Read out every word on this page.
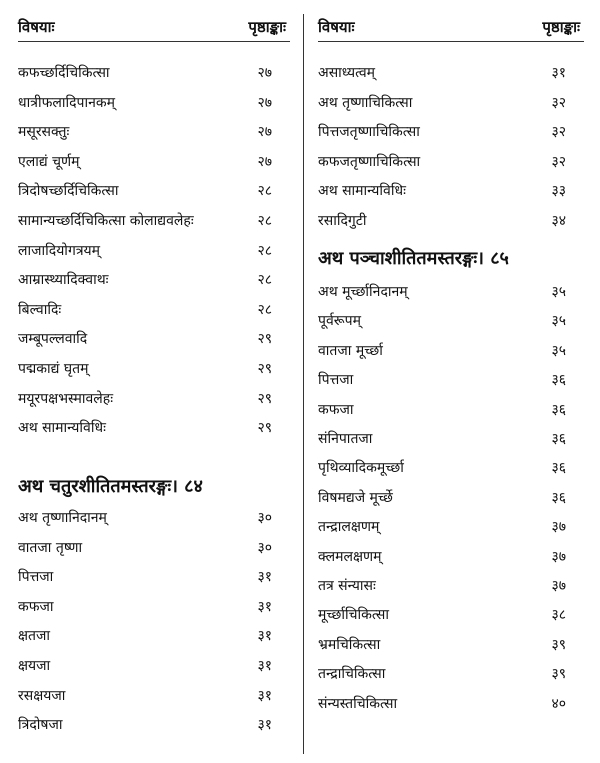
विषयाः	पृष्ठाङ्काः
कफच्छर्दिचिकित्सा	२७
धात्रीफलादिपानकम्	२७
मसूरसक्तुः	२७
एलाद्यं चूर्णम्	२७
त्रिदोषच्छर्दिचिकित्सा	२८
सामान्यच्छर्दिचिकित्सा कोलाद्यवलेहः	२८
लाजादियोगत्रयम्	२८
आम्रास्थ्यादिक्वाथः	२८
बिल्वादिः	२८
जम्बूपल्लवादि	२९
पद्मकाद्यं घृतम्	२९
मयूरपक्षभस्मावलेहः	२९
अथ सामान्यविधिः	२९
अथ चतुरशीतितमस्तरङ्गः। ८४
अथ तृष्णानिदानम्	३०
वातजा तृष्णा	३०
पित्तजा	३१
कफजा	३१
क्षतजा	३१
क्षयजा	३१
रसक्षयजा	३१
त्रिदोषजा	३१
विषयाः	पृष्ठाङ्काः
असाध्यत्वम्	३१
अथ तृष्णाचिकित्सा	३२
पित्तजतृष्णाचिकित्सा	३२
कफजतृष्णाचिकित्सा	३२
अथ सामान्यविधिः	३३
रसादिगुटी	३४
अथ पञ्चाशीतितमस्तरङ्गः। ८५
अथ मूर्च्छानिदानम्	३५
पूर्वरूपम्	३५
वातजा मूर्च्छा	३५
पित्तजा	३६
कफजा	३६
संनिपातजा	३६
पृथिव्यादिकमूर्च्छा	३६
विषमद्यजे मूर्च्छे	३६
तन्द्रालक्षणम्	३७
क्लमलक्षणम्	३७
तत्र संन्यासः	३७
मूर्च्छाचिकित्सा	३८
भ्रमचिकित्सा	३९
तन्द्राचिकित्सा	३९
संन्यस्तचिकित्सा	४०
